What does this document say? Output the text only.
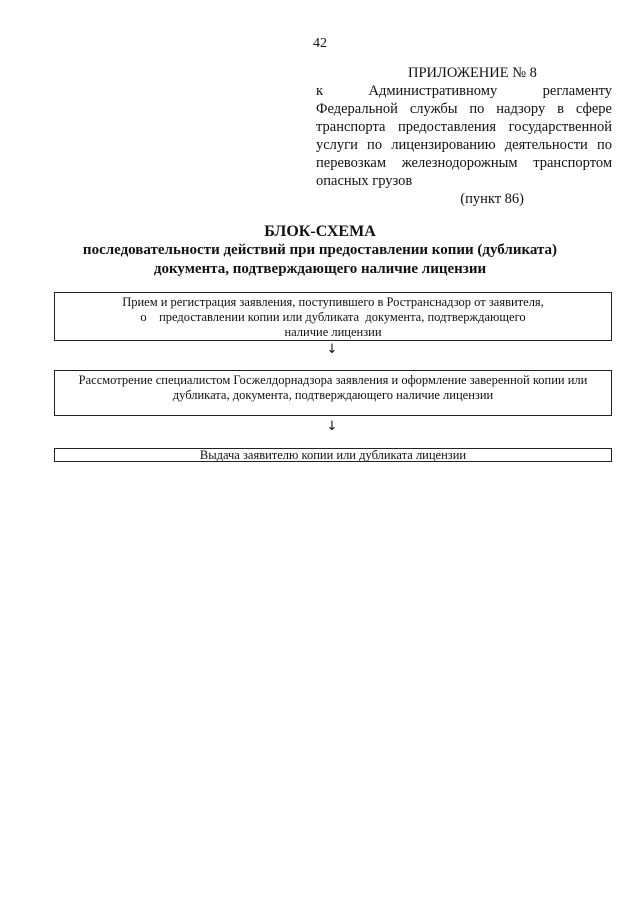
42
ПРИЛОЖЕНИЕ № 8
к Административному регламенту
Федеральной службы по надзору в сфере
транспорта предоставления государственной
услуги по лицензированию деятельности по
перевозкам железнодорожным транспортом
опасных грузов
(пункт 86)
БЛОК-СХЕМА
последовательности действий при предоставлении копии (дубликата)
документа, подтверждающего наличие лицензии
Прием и регистрация заявления, поступившего в Ространснадзор от заявителя,
о    предоставлении копии или дубликата  документа, подтверждающего
наличие лицензии
↓
Рассмотрение специалистом Госжелдорнадзора заявления и оформление заверенной копии или
дубликата, документа, подтверждающего наличие лицензии
↓
Выдача заявителю копии или дубликата лицензии
